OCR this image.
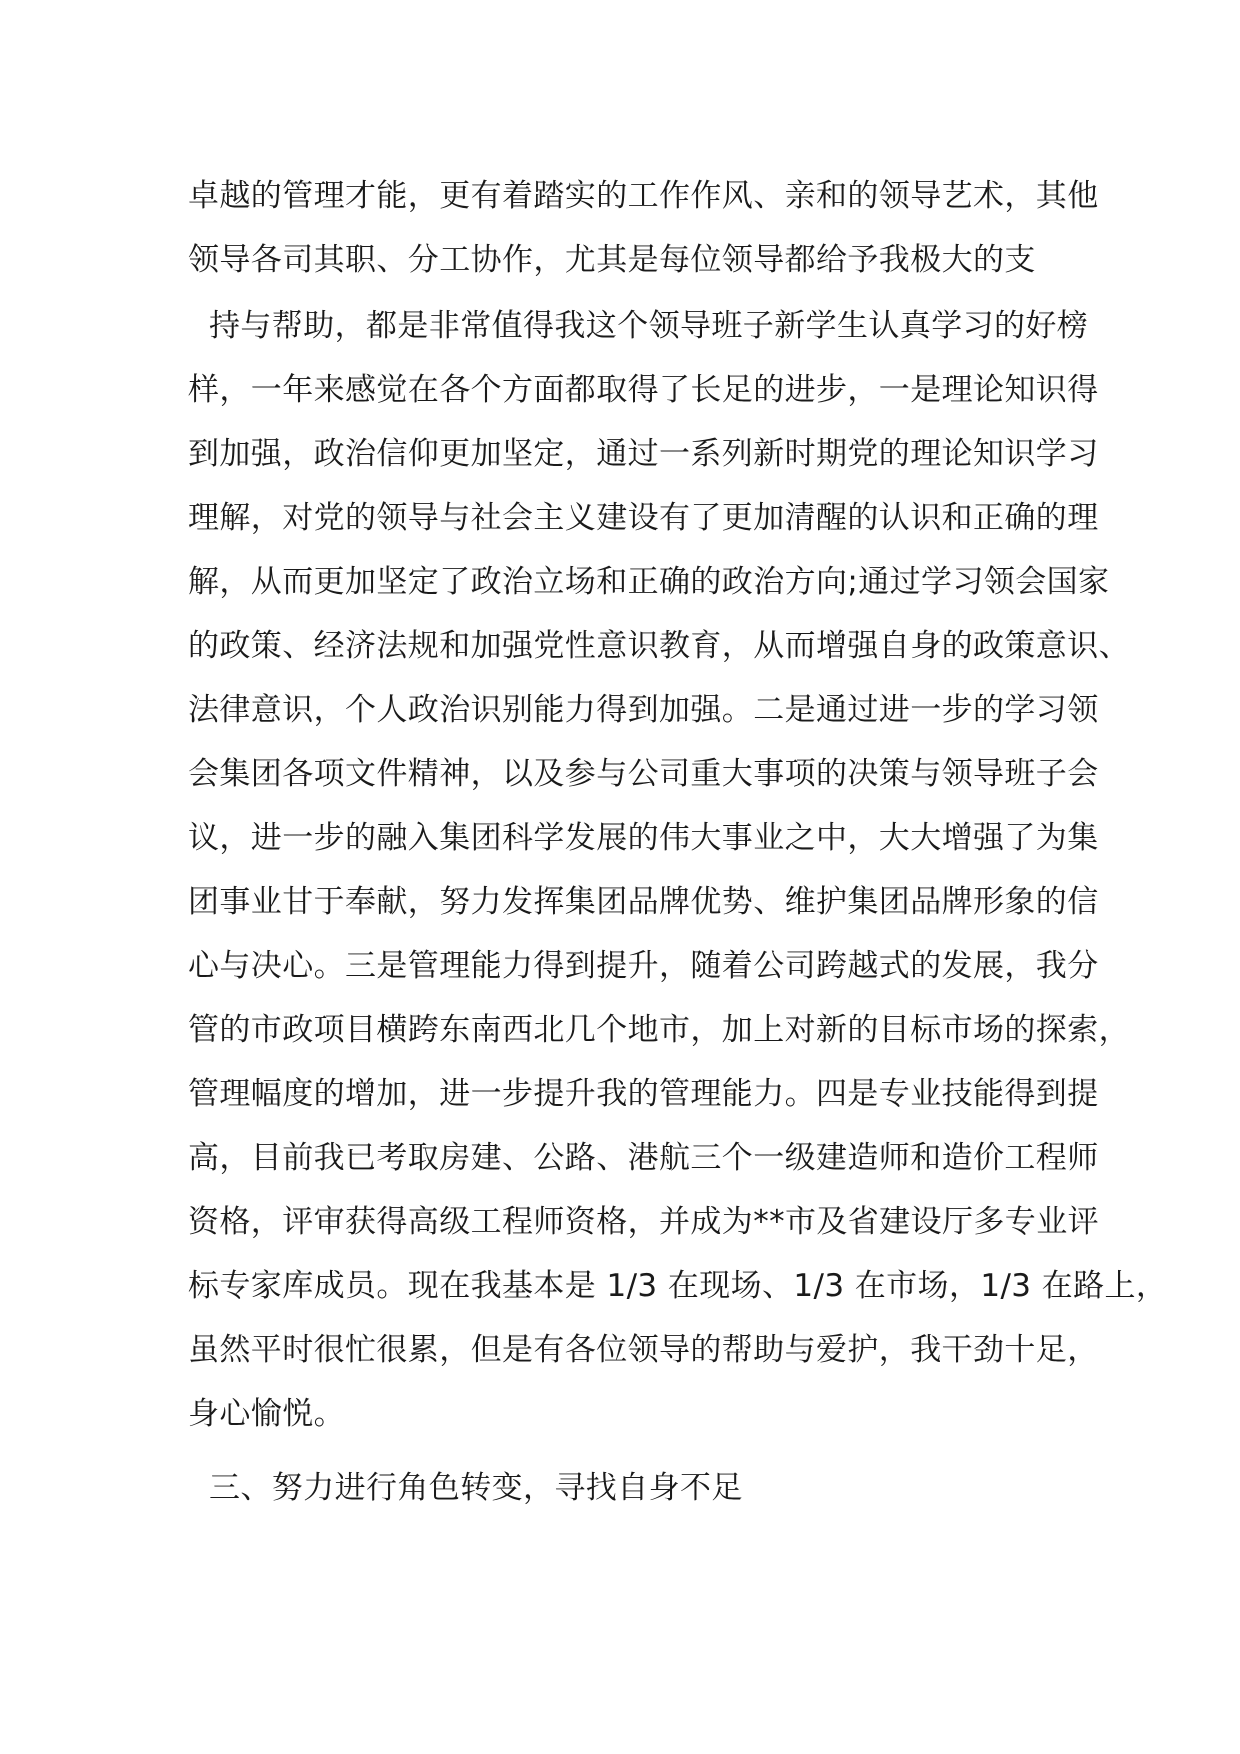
卓越的管理才能，更有着踏实的工作作风、亲和的领导艺术，其他

领导各司其职、分工协作，尤其是每位领导都给予我极大的支

持与帮助，都是非常值得我这个领导班子新学生认真学习的好榜

样，一年来感觉在各个方面都取得了长足的进步，一是理论知识得

到加强，政治信仰更加坚定，通过一系列新时期党的理论知识学习

理解，对党的领导与社会主义建设有了更加清醒的认识和正确的理

解，从而更加坚定了政治立场和正确的政治方向;通过学习领会国家

的政策、经济法规和加强党性意识教育，从而增强自身的政策意识、

法律意识，个人政治识别能力得到加强。二是通过进一步的学习领

会集团各项文件精神，以及参与公司重大事项的决策与领导班子会

议，进一步的融入集团科学发展的伟大事业之中，大大增强了为集

团事业甘于奉献，努力发挥集团品牌优势、维护集团品牌形象的信

心与决心。三是管理能力得到提升，随着公司跨越式的发展，我分

管的市政项目横跨东南西北几个地市，加上对新的目标市场的探索，

管理幅度的增加，进一步提升我的管理能力。四是专业技能得到提

高，目前我已考取房建、公路、港航三个一级建造师和造价工程师

资格，评审获得高级工程师资格，并成为**市及省建设厅多专业评

标专家库成员。现在我基本是 1/3 在现场、1/3 在市场，1/3 在路上，

虽然平时很忙很累，但是有各位领导的帮助与爱护，我干劲十足，

身心愉悦。

三、努力进行角色转变，寻找自身不足
